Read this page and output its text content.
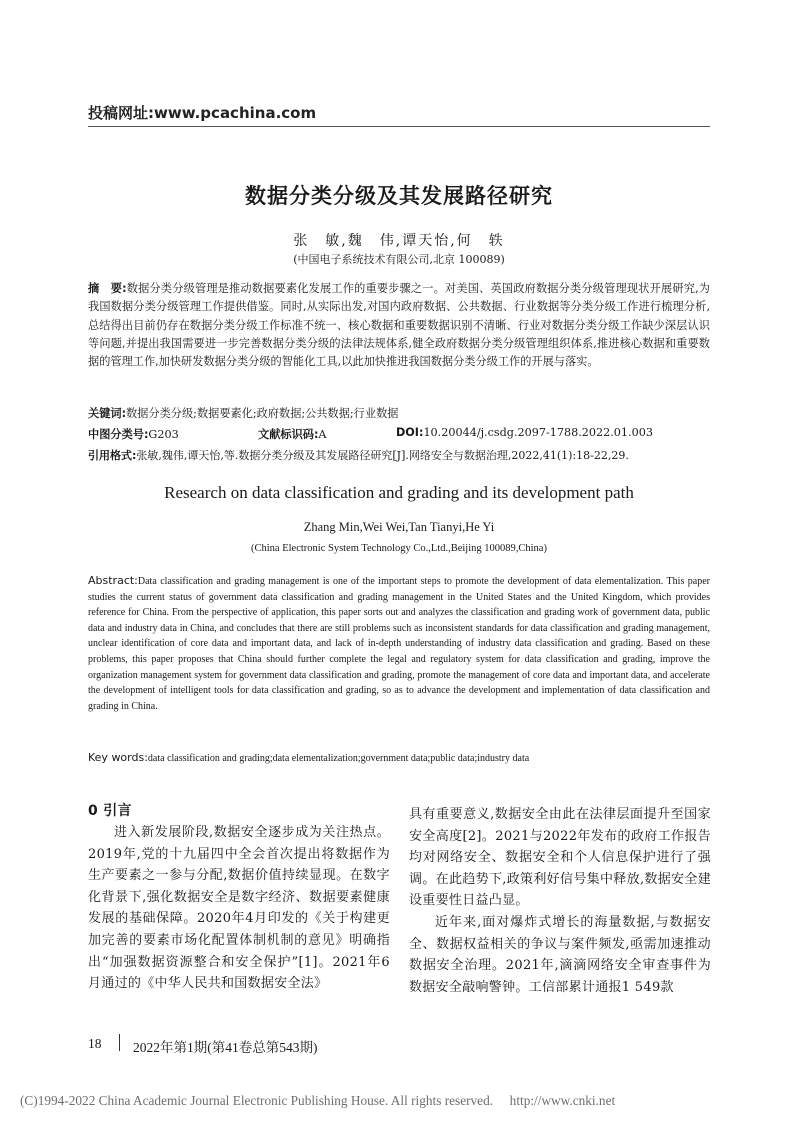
投稿网址:www.pcachina.com
数据分类分级及其发展路径研究
张　敏,魏　伟,谭天怡,何　轶
(中国电子系统技术有限公司,北京 100089)
摘　要:数据分类分级管理是推动数据要素化发展工作的重要步骤之一。对美国、英国政府数据分类分级管理现状开展研究,为我国数据分类分级管理工作提供借鉴。同时,从实际出发,对国内政府数据、公共数据、行业数据等分类分级工作进行梳理分析,总结得出目前仍存在数据分类分级工作标准不统一、核心数据和重要数据识别不清晰、行业对数据分类分级工作缺少深层认识等问题,并提出我国需要进一步完善数据分类分级的法律法规体系,健全政府数据分类分级管理组织体系,推进核心数据和重要数据的管理工作,加快研发数据分类分级的智能化工具,以此加快推进我国数据分类分级工作的开展与落实。
关键词:数据分类分级;数据要素化;政府数据;公共数据;行业数据
中图分类号:G203	文献标识码:A	DOI:10.20044/j.csdg.2097-1788.2022.01.003
引用格式:张敏,魏伟,谭天怡,等.数据分类分级及其发展路径研究[J].网络安全与数据治理,2022,41(1):18-22,29.
Research on data classification and grading and its development path
Zhang Min,Wei Wei,Tan Tianyi,He Yi
(China Electronic System Technology Co.,Ltd.,Beijing 100089,China)
Abstract:Data classification and grading management is one of the important steps to promote the development of data elementalization. This paper studies the current status of government data classification and grading management in the United States and the United Kingdom, which provides reference for China. From the perspective of application, this paper sorts out and analyzes the classification and grading work of government data, public data and industry data in China, and concludes that there are still problems such as inconsistent standards for data classification and grading management, unclear identification of core data and important data, and lack of in-depth understanding of industry data classification and grading. Based on these problems, this paper proposes that China should further complete the legal and regulatory system for data classification and grading, improve the organization management system for government data classification and grading, promote the management of core data and important data, and accelerate the development of intelligent tools for data classification and grading, so as to advance the development and implementation of data classification and grading in China.
Key words:data classification and grading;data elementalization;government data;public data;industry data
0 引言

进入新发展阶段,数据安全逐步成为关注热点。2019年,党的十九届四中全会首次提出将数据作为生产要素之一参与分配,数据价值持续显现。在数字化背景下,强化数据安全是数字经济、数据要素健康发展的基础保障。2020年4月印发的《关于构建更加完善的要素市场化配置体制机制的意见》明确指出“加强数据资源整合和安全保护”[1]。2021年6月通过的《中华人民共和国数据安全法》

具有重要意义,数据安全由此在法律层面提升至国家安全高度[2]。2021与2022年发布的政府工作报告均对网络安全、数据安全和个人信息保护进行了强调。在此趋势下,政策利好信号集中释放,数据安全建设重要性日益凸显。

近年来,面对爆炸式增长的海量数据,与数据安全、数据权益相关的争议与案件频发,亟需加速推动数据安全治理。2021年,滴滴网络安全审查事件为数据安全敲响警钟。工信部累计通报1 549款

18 2022年第1期(第41卷总第543期)
(C)1994-2022 China Academic Journal Electronic Publishing House. All rights reserved.　 http://www.cnki.net
